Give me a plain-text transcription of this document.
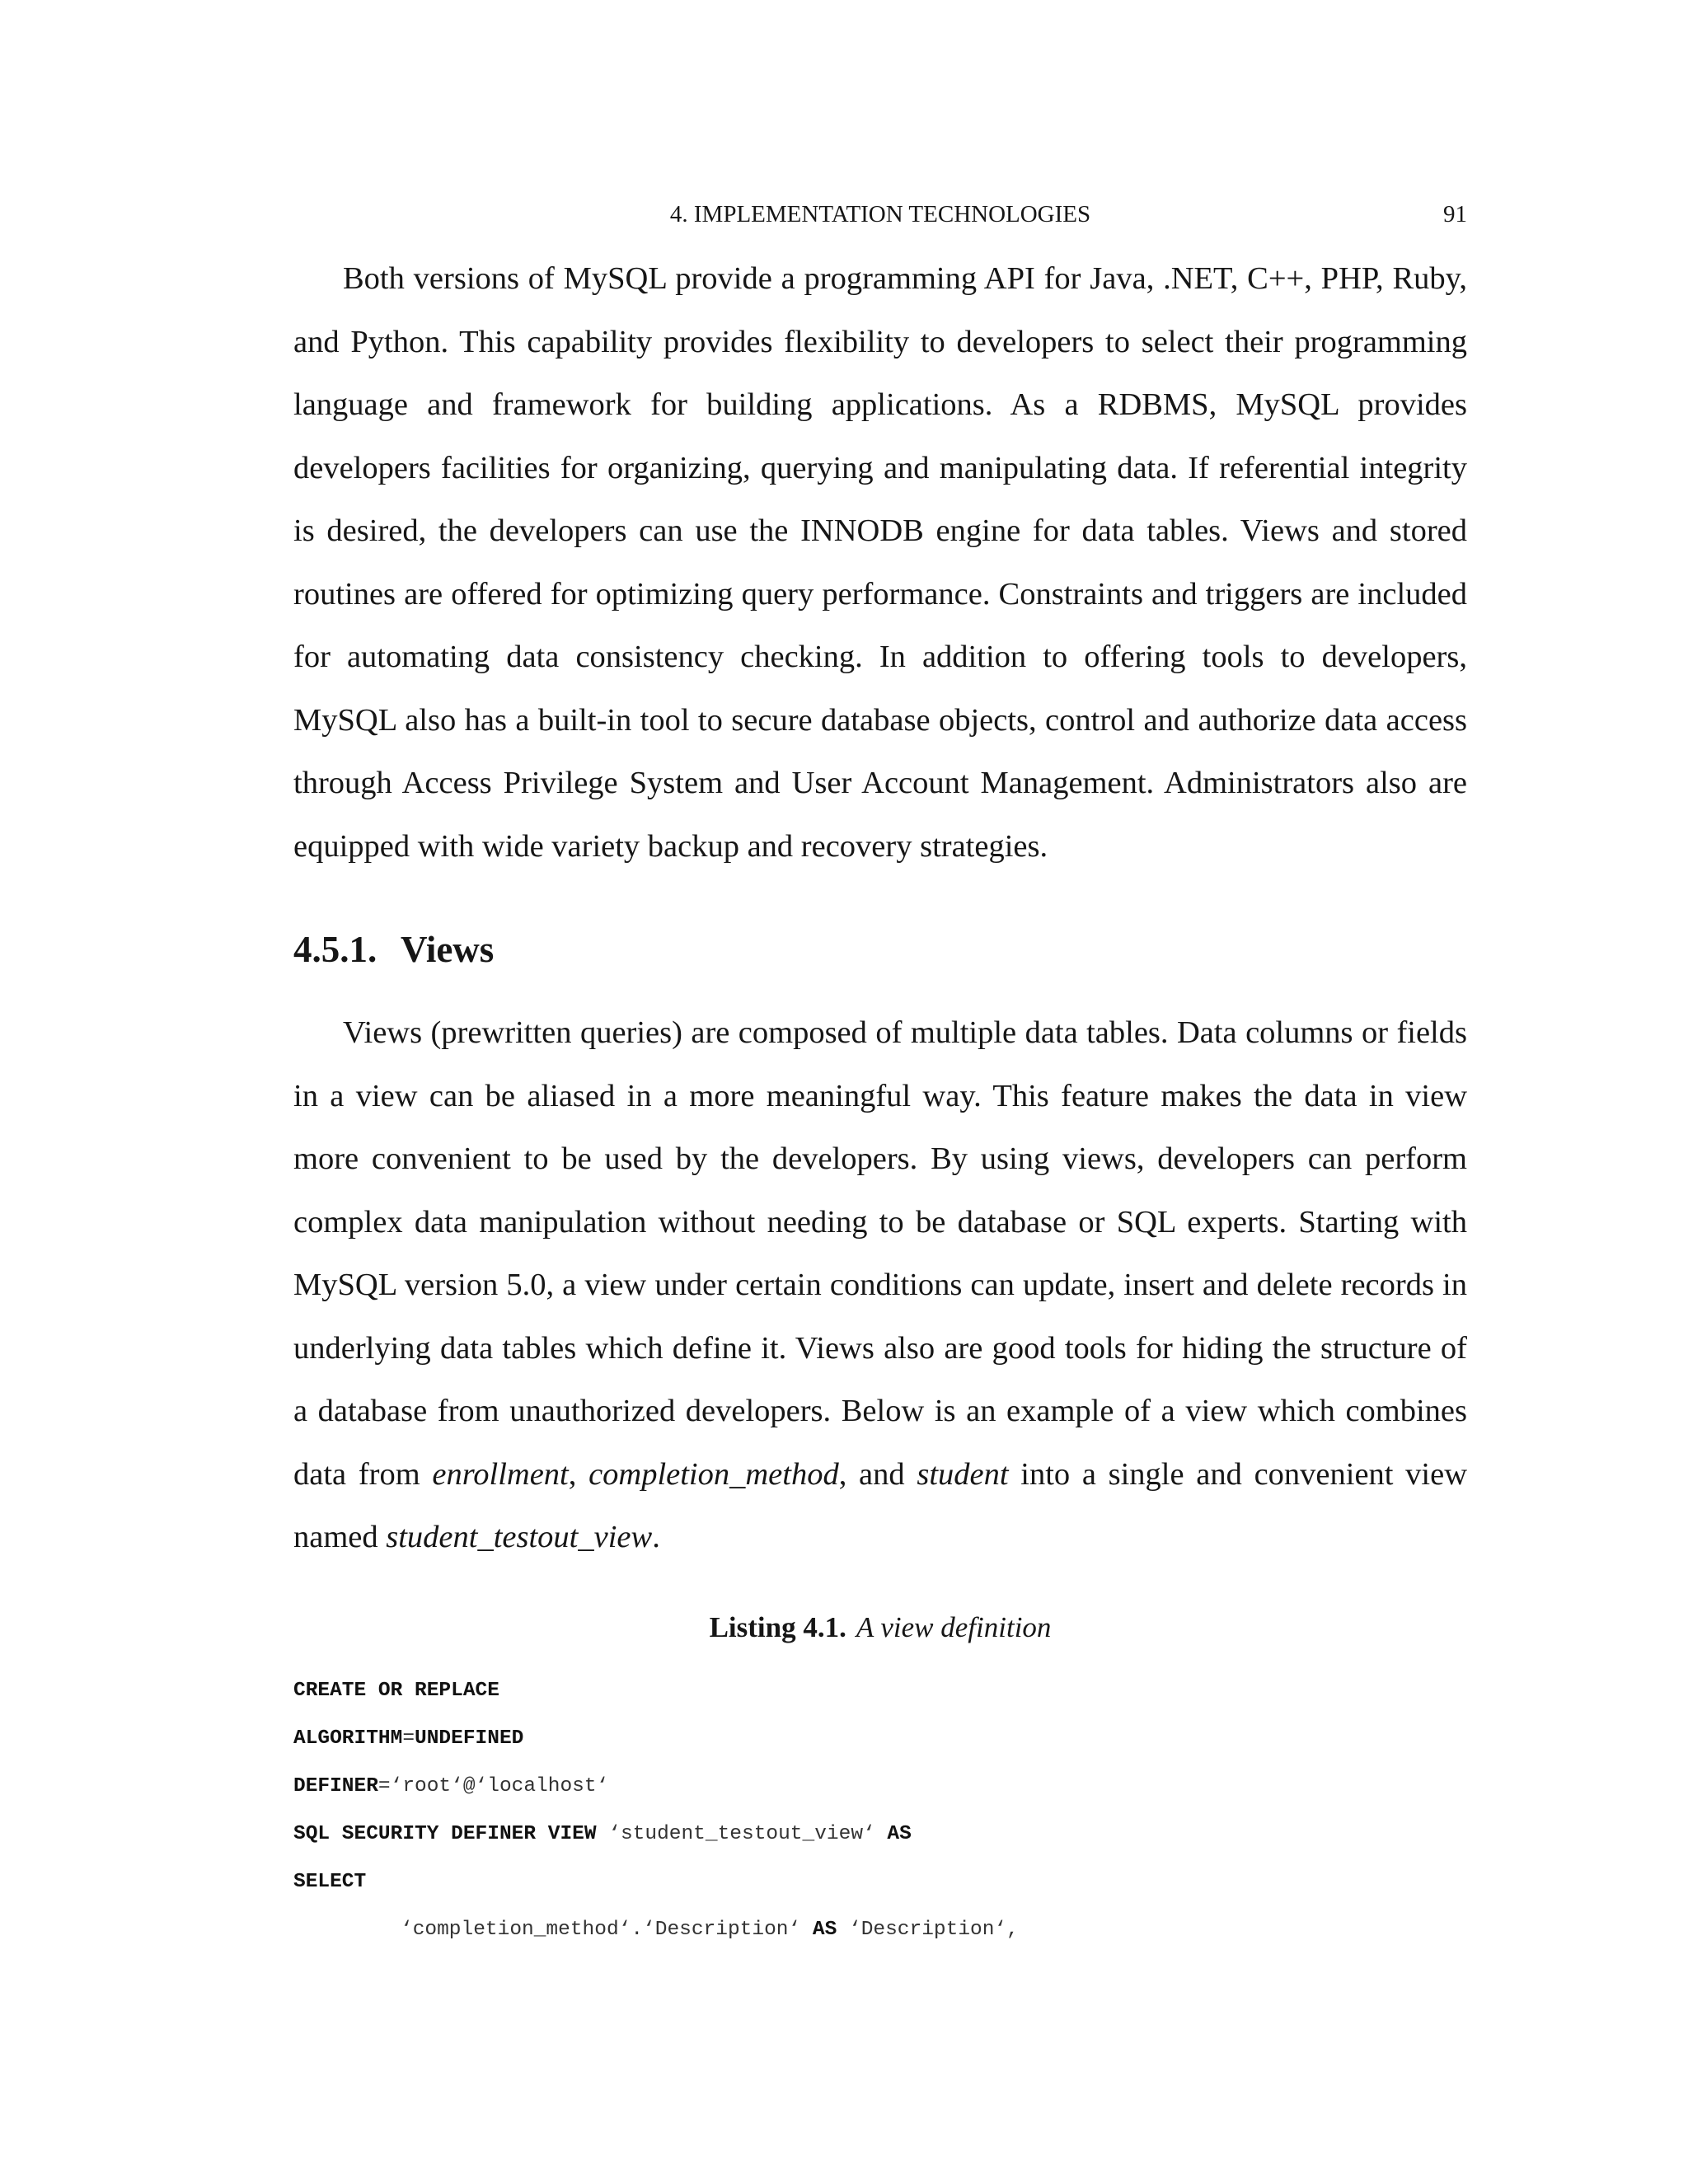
4. IMPLEMENTATION TECHNOLOGIES	91

Both versions of MySQL provide a programming API for Java, .NET, C++, PHP, Ruby, and Python. This capability provides flexibility to developers to select their programming language and framework for building applications. As a RDBMS, MySQL provides developers facilities for organizing, querying and manipulating data. If referential integrity is desired, the developers can use the INNODB engine for data tables. Views and stored routines are offered for optimizing query performance. Constraints and triggers are included for automating data consistency checking. In addition to offering tools to developers, MySQL also has a built-in tool to secure database objects, control and authorize data access through Access Privilege System and User Account Management. Administrators also are equipped with wide variety backup and recovery strategies.

4.5.1. Views

Views (prewritten queries) are composed of multiple data tables. Data columns or fields in a view can be aliased in a more meaningful way. This feature makes the data in view more convenient to be used by the developers. By using views, developers can perform complex data manipulation without needing to be database or SQL experts. Starting with MySQL version 5.0, a view under certain conditions can update, insert and delete records in underlying data tables which define it. Views also are good tools for hiding the structure of a database from unauthorized developers. Below is an example of a view which combines data from enrollment, completion_method, and student into a single and convenient view named student_testout_view.

Listing 4.1. A view definition

CREATE OR REPLACE
ALGORITHM=UNDEFINED
DEFINER=‘root‘@‘localhost‘
SQL SECURITY DEFINER VIEW ‘student_testout_view‘ AS
SELECT
‘completion_method‘.‘Description‘ AS ‘Description‘,
